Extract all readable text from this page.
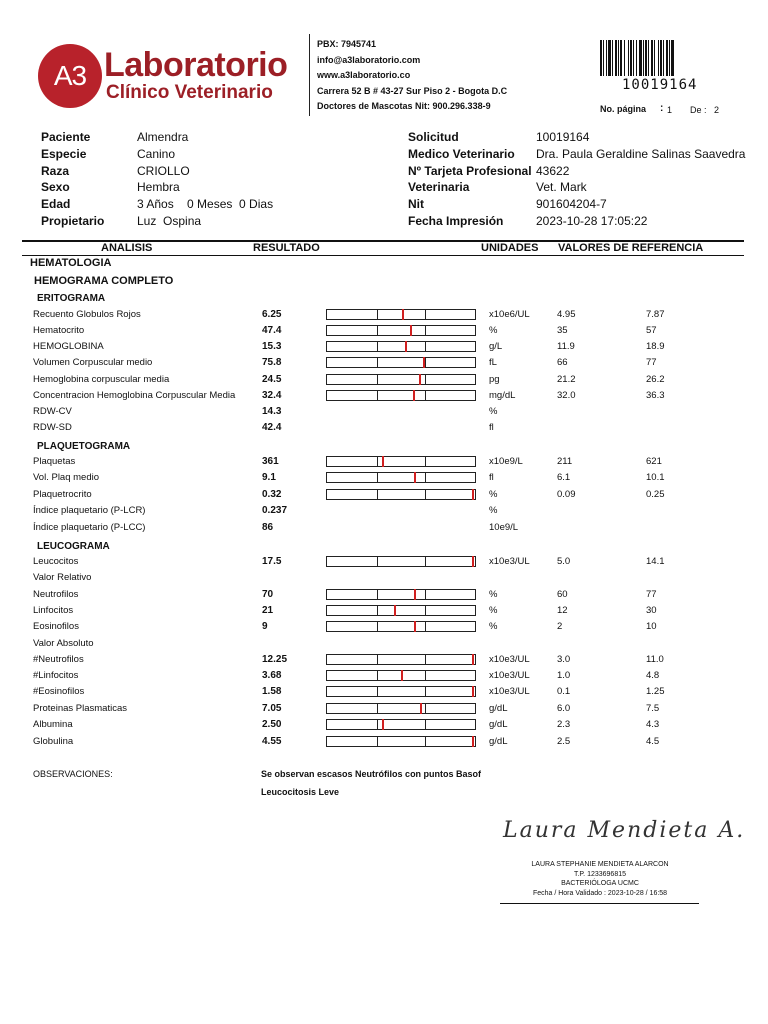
A3 Laboratorio
Clínico Veterinario
PBX: 7945741
info@a3laboratorio.com
www.a3laboratorio.co
Carrera 52 B # 43-27 Sur Piso 2 - Bogota D.C
Doctores de Mascotas Nit: 900.296.338-9
10019164
No. página : 1 De : 2
Paciente	Almendra
Especie	Canino
Raza	CRIOLLO
Sexo	Hembra
Edad	3 Años    0 Meses  0 Dias
Propietario	Luz  Ospina
Solicitud	10019164
Medico Veterinario Dra. Paula Geraldine Salinas Saavedra
Nº Tarjeta Profesional 43622
Veterinaria	Vet. Mark
Nit	901604204-7
Fecha Impresión	2023-10-28 17:05:22
ANALISIS	RESULTADO	UNIDADES VALORES DE REFERENCIA
HEMATOLOGIA
HEMOGRAMA COMPLETO
ERITOGRAMA
PLAQUETOGRAMA
LEUCOGRAMA
Recuento Globulos Rojos	6.25	x10e6/UL	4.95	7.87
Hematocrito	47.4	%	35	57
HEMOGLOBINA	15.3	g/L	11.9	18.9
Volumen Corpuscular medio	75.8	fL	66	77
Hemoglobina corpuscular media	24.5	pg	21.2	26.2
Concentracion Hemoglobina Corpuscular Media	32.4	mg/dL	32.0	36.3
RDW-CV	14.3	%
RDW-SD	42.4	fl
Plaquetas	361	x10e9/L	211	621
Vol. Plaq medio	9.1	fl	6.1	10.1
Plaquetrocrito	0.32	%	0.09	0.25
Índice plaquetario (P-LCR)	0.237	%
Índice plaquetario (P-LCC)	86	10e9/L
Leucocitos	17.5	x10e3/UL	5.0	14.1
Valor Relativo
Neutrofilos	70	%	60	77
Linfocitos	21	%	12	30
Eosinofilos	9	%	2	10
Valor Absoluto
#Neutrofilos	12.25	x10e3/UL	3.0	11.0
#Linfocitos	3.68	x10e3/UL	1.0	4.8
#Eosinofilos	1.58	x10e3/UL	0.1	1.25
Proteinas Plasmaticas	7.05	g/dL	6.0	7.5
Albumina	2.50	g/dL	2.3	4.3
Globulina	4.55	g/dL	2.5	4.5
OBSERVACIONES:	Se observan escasos Neutrófilos con puntos Basof
Leucocitosis Leve
Laura Mendieta A.
LAURA STEPHANIE MENDIETA ALARCON
T.P. 1233696815
BACTERIÓLOGA UCMC
Fecha / Hora Validado : 2023-10-28 / 16:58
